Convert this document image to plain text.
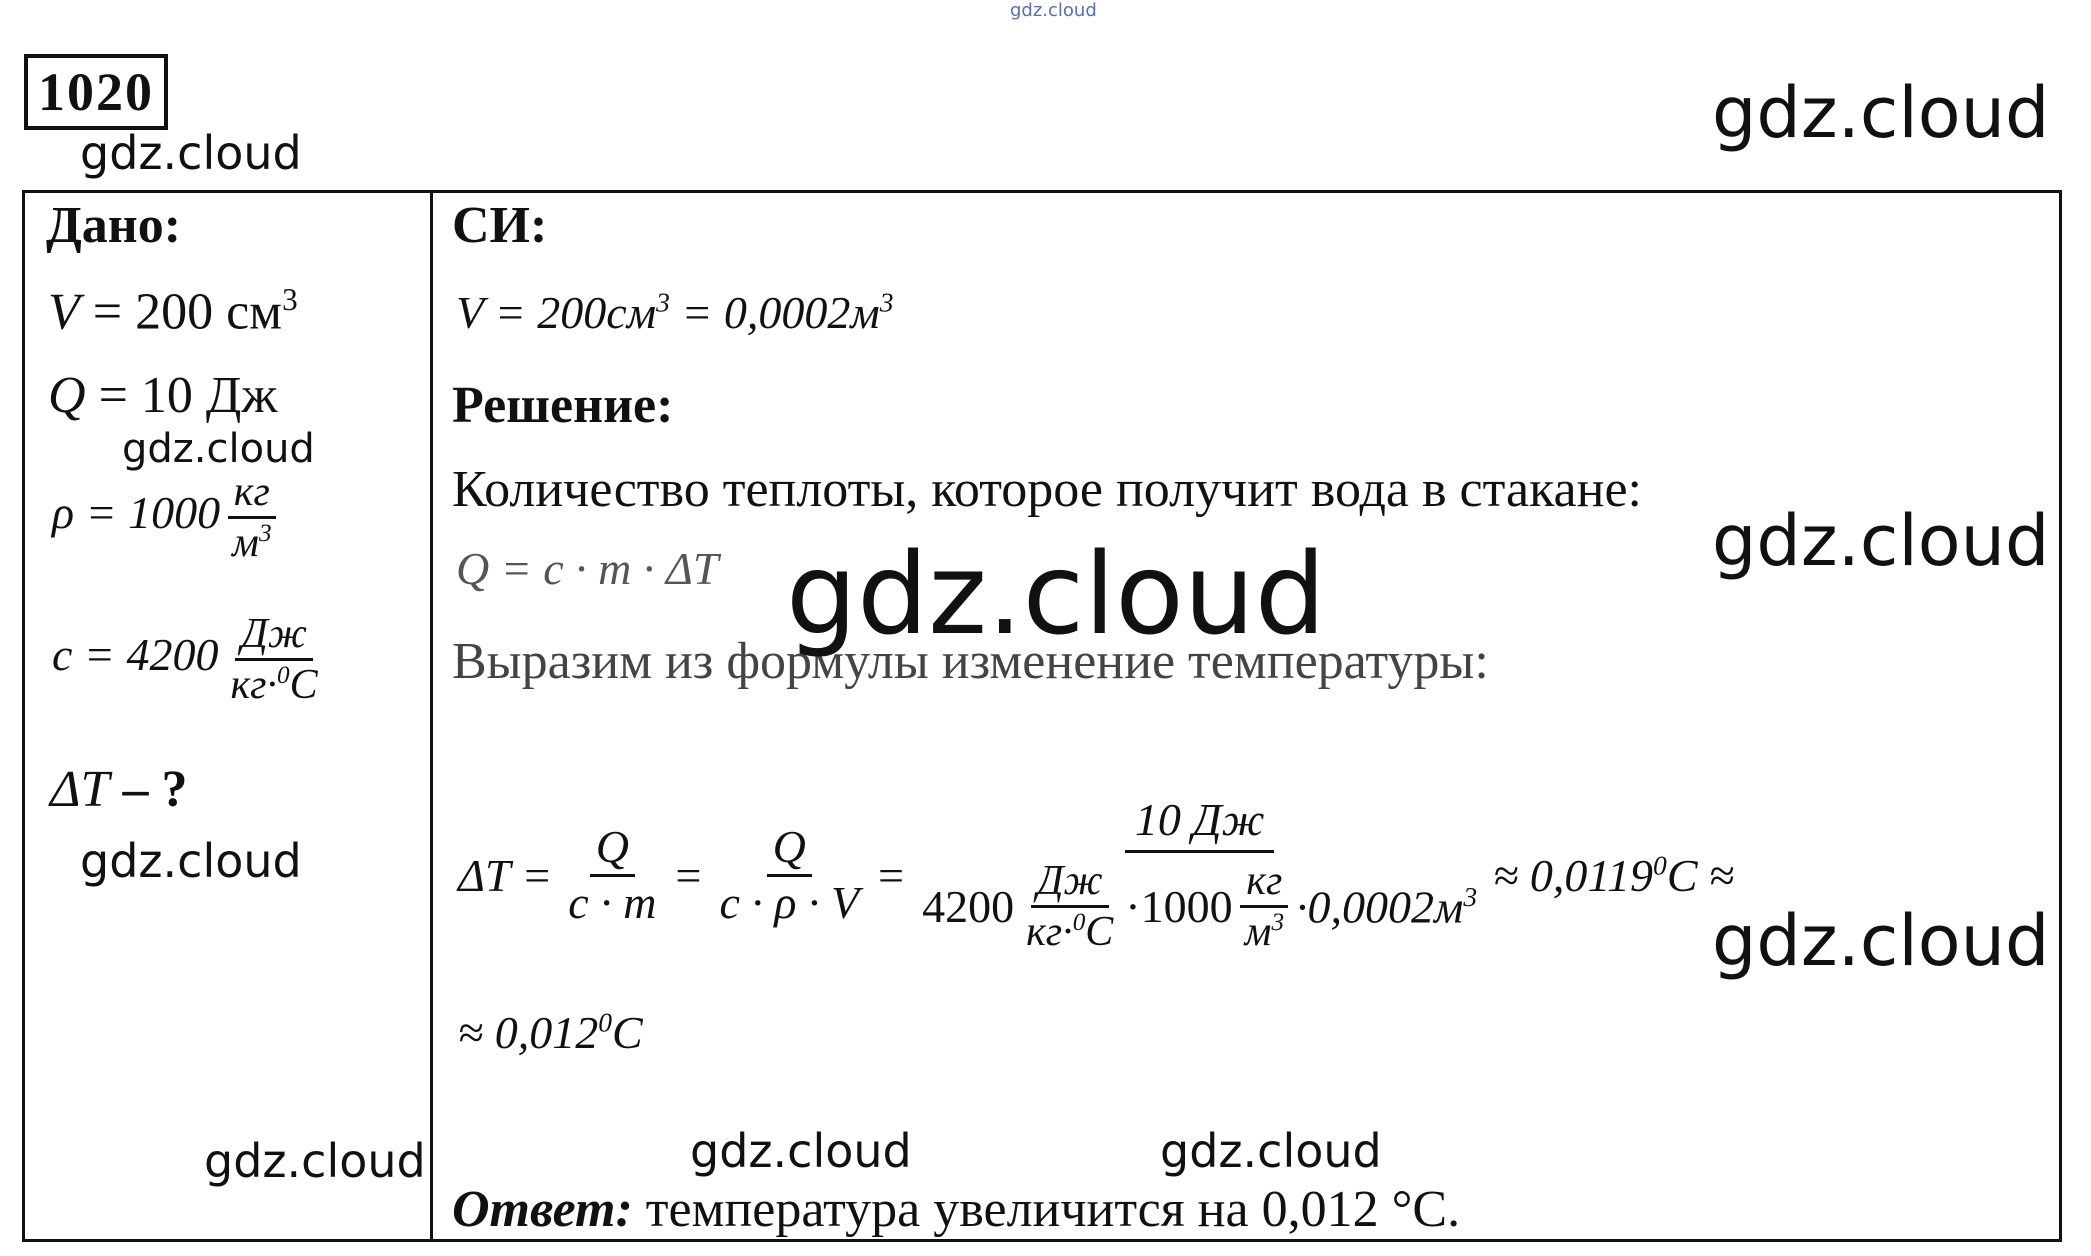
gdz.cloud
1020
gdz.cloud	gdz.cloud
Дано:
V = 200 $см^3$
Q = 10 Дж
gdz.cloud
$\rho = 1000 \frac{кг}{м^3}$
$c = 4200 \frac{Дж}{кг\cdot^0C}$
ΔT – ?
gdz.cloud
gdz.cloud
СИ:
$V = 200см^3 = 0,0002м^3$
Решение:
Количество теплоты, которое получит вода в стакане:
gdz.cloud
Q = c · m · ΔT
Выразим из формулы изменение температуры:
gdz.cloud
$\Delta T = \frac{Q}{c \cdot m} = \frac{Q}{c \cdot \rho \cdot V} = \frac{10 Дж}{4200 \frac{Дж}{кг\cdot^0C} \cdot 1000 \frac{кг}{м^3} \cdot 0,0002м^3} \approx 0,0119^0C$ ≈
gdz.cloud
≈ $0,012^0C$
gdz.cloud	gdz.cloud
Ответ: температура увеличится на 0,012 °С.
